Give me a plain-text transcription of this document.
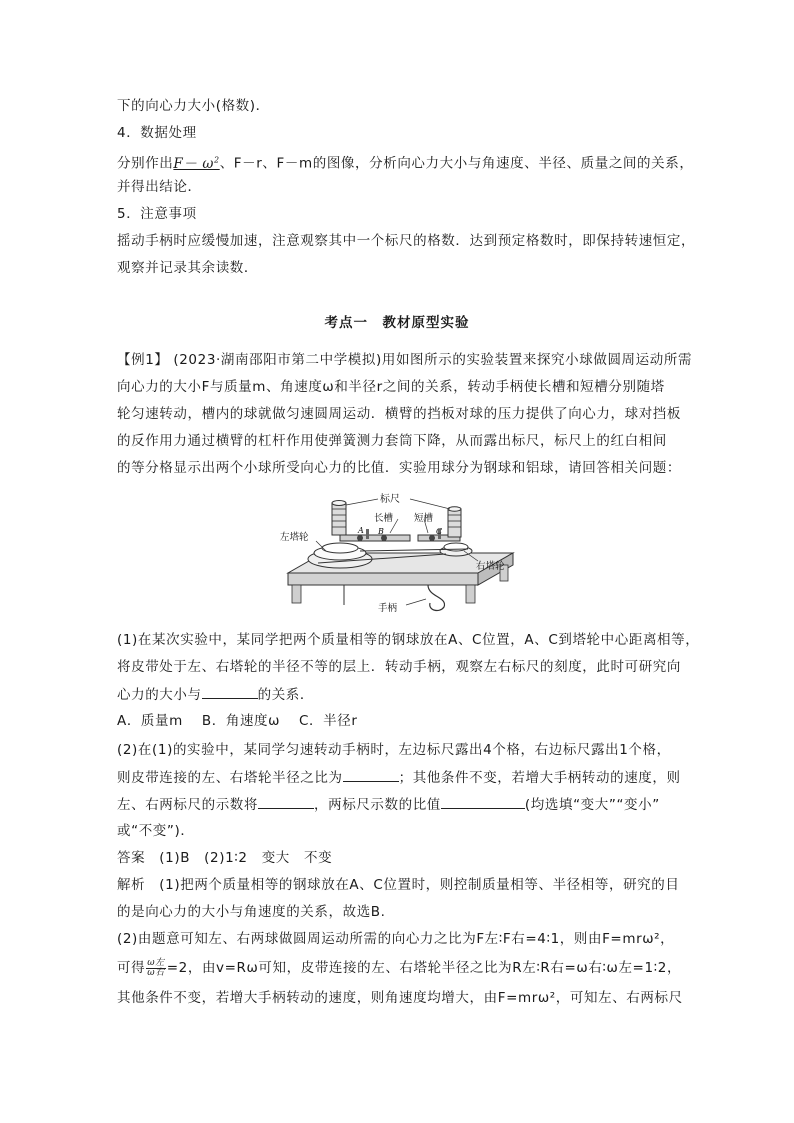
下的向心力大小(格数)．
4．数据处理
分别作出$F- \omega^2$、F－r、F－m的图像，分析向心力大小与角速度、半径、质量之间的关系，
并得出结论．
5．注意事项
摇动手柄时应缓慢加速，注意观察其中一个标尺的格数．达到预定格数时，即保持转速恒定，
观察并记录其余读数．
考点一　教材原型实验
【例1】 (2023·湖南邵阳市第二中学模拟)用如图所示的实验装置来探究小球做圆周运动所需
向心力的大小F与质量m、角速度ω和半径r之间的关系，转动手柄使长槽和短槽分别随塔
轮匀速转动，槽内的球就做匀速圆周运动．横臂的挡板对球的压力提供了向心力，球对挡板
的反作用力通过横臂的杠杆作用使弹簧测力套筒下降，从而露出标尺，标尺上的红白相间
的等分格显示出两个小球所受向心力的比值．实验用球分为钢球和铝球，请回答相关问题：
标尺
长槽 短槽
左塔轮
右塔轮
手柄
A B	C
(1)在某次实验中，某同学把两个质量相等的钢球放在A、C位置，A、C到塔轮中心距离相等，
将皮带处于左、右塔轮的半径不等的层上．转动手柄，观察左右标尺的刻度，此时可研究向
心力的大小与	的关系．
A．质量m　 B．角速度ω　 C．半径r
(2)在(1)的实验中，某同学匀速转动手柄时，左边标尺露出4个格，右边标尺露出1个格，
则皮带连接的左、右塔轮半径之比为	；其他条件不变，若增大手柄转动的速度，则
左、右两标尺的示数将	，两标尺示数的比值	(均选填“变大”“变小”
或“不变”)．
答案　(1)B　(2)1∶2　变大　不变
解析　(1)把两个质量相等的钢球放在A、C位置时，则控制质量相等、半径相等，研究的目
的是向心力的大小与角速度的关系，故选B.
(2)由题意可知左、右两球做圆周运动所需的向心力之比为F左∶F右=4∶1，则由F=mrω²，
可得 $\frac{\text{ω左}}{\text{ω右}} =2$，由v=Rω可知，皮带连接的左、右塔轮半径之比为R左∶R右=ω右∶ω左=1∶2，
其他条件不变，若增大手柄转动的速度，则角速度均增大，由F=mrω²，可知左、右两标尺
